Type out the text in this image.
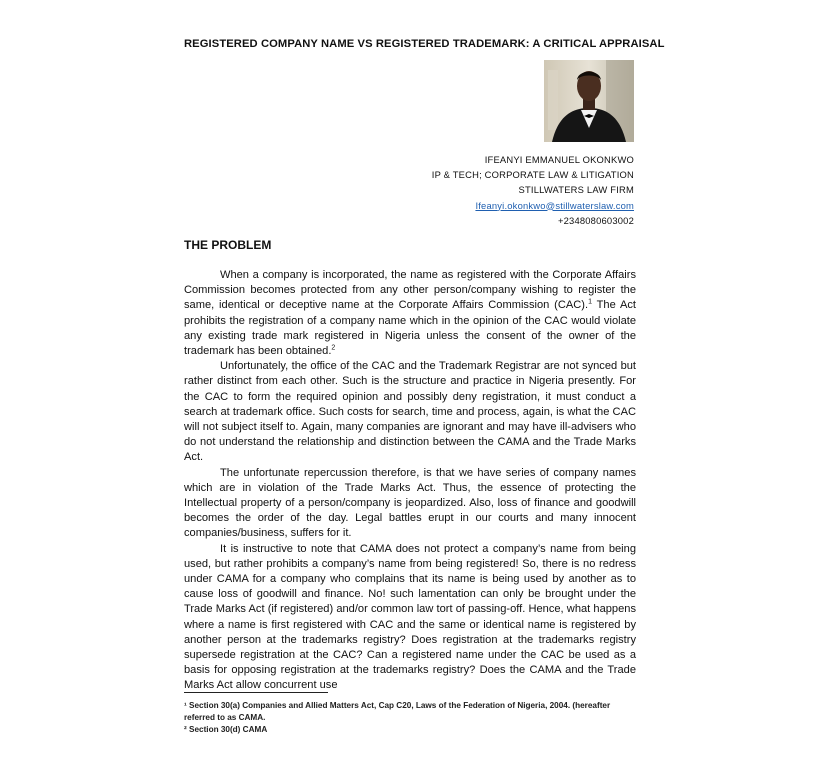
REGISTERED COMPANY NAME VS REGISTERED TRADEMARK: A CRITICAL APPRAISAL
IFEANYI EMMANUEL OKONKWO
IP & TECH; CORPORATE LAW & LITIGATION
STILLWATERS LAW FIRM
Ifeanyi.okonkwo@stillwaterslaw.com
+2348080603002
THE PROBLEM

When a company is incorporated, the name as registered with the Corporate Affairs Commission becomes protected from any other person/company wishing to register the same, identical or deceptive name at the Corporate Affairs Commission (CAC).$^1$ The Act prohibits the registration of a company name which in the opinion of the CAC would violate any existing trade mark registered in Nigeria unless the consent of the owner of the trademark has been obtained.$^2$

Unfortunately, the office of the CAC and the Trademark Registrar are not synced but rather distinct from each other. Such is the structure and practice in Nigeria presently. For the CAC to form the required opinion and possibly deny registration, it must conduct a search at trademark office. Such costs for search, time and process, again, is what the CAC will not subject itself to. Again, many companies are ignorant and may have ill-advisers who do not understand the relationship and distinction between the CAMA and the Trade Marks Act.

The unfortunate repercussion therefore, is that we have series of company names which are in violation of the Trade Marks Act. Thus, the essence of protecting the Intellectual property of a person/company is jeopardized. Also, loss of finance and goodwill becomes the order of the day. Legal battles erupt in our courts and many innocent companies/business, suffers for it.

It is instructive to note that CAMA does not protect a company’s name from being used, but rather prohibits a company’s name from being registered! So, there is no redress under CAMA for a company who complains that its name is being used by another as to cause loss of goodwill and finance. No! such lamentation can only be brought under the Trade Marks Act (if registered) and/or common law tort of passing-off. Hence, what happens where a name is first registered with CAC and the same or identical name is registered by another person at the trademarks registry? Does registration at the trademarks registry supersede registration at the CAC? Can a registered name under the CAC be used as a basis for opposing registration at the trademarks registry? Does the CAMA and the Trade Marks Act allow concurrent use

¹ Section 30(a) Companies and Allied Matters Act, Cap C20, Laws of the Federation of Nigeria, 2004. (hereafter referred to as CAMA.
² Section 30(d) CAMA
